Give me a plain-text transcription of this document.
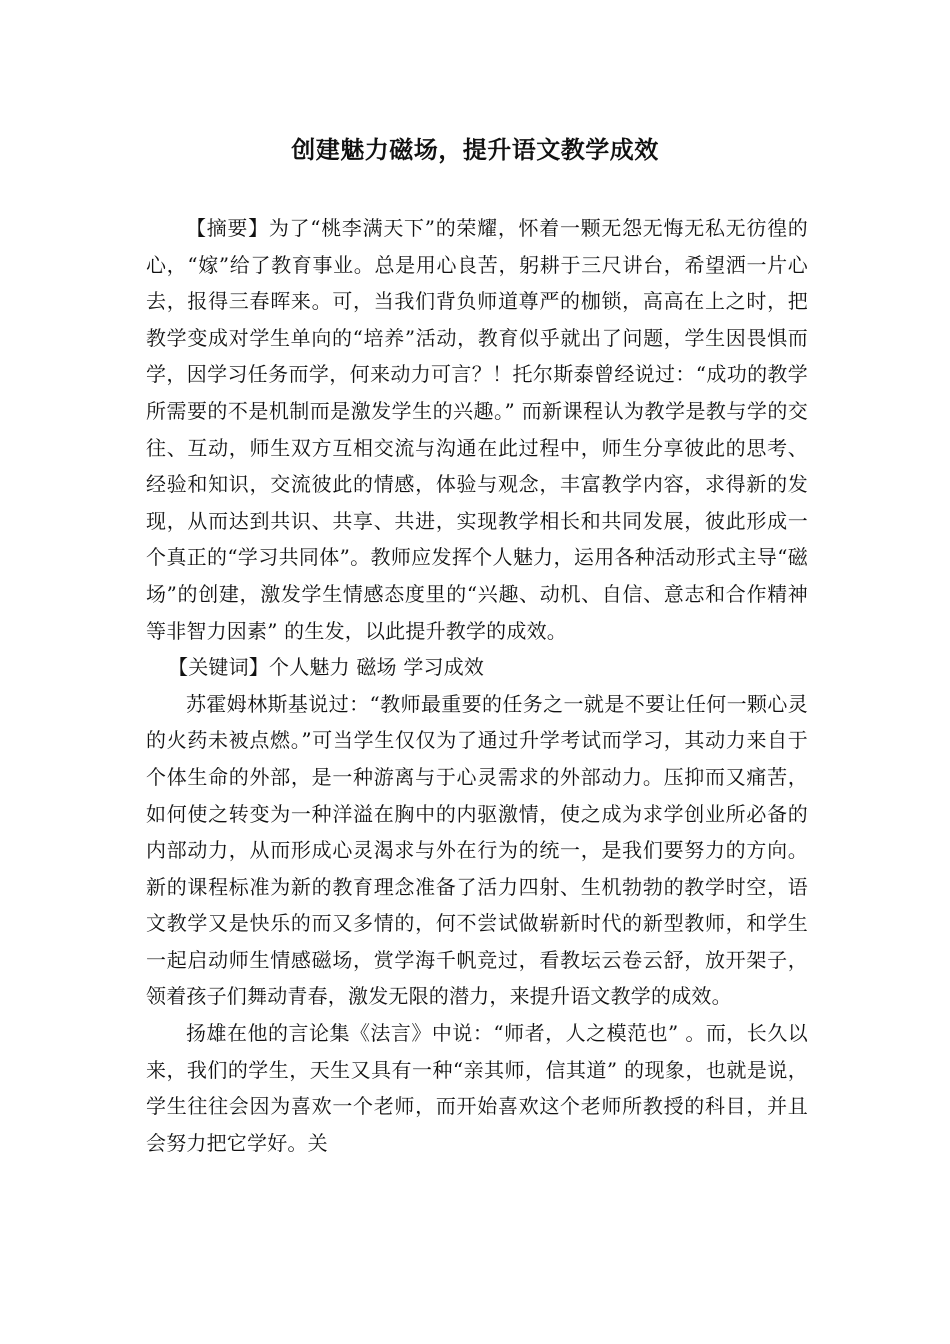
创建魅力磁场，提升语文教学成效

【摘要】为了“桃李满天下”的荣耀，怀着一颗无怨无悔无私无彷徨的心，“嫁”给了教育事业。总是用心良苦，躬耕于三尺讲台，希望洒一片心去，报得三春晖来。可，当我们背负师道尊严的枷锁，高高在上之时，把教学变成对学生单向的“培养”活动，教育似乎就出了问题，学生因畏惧而学，因学习任务而学，何来动力可言？！托尔斯泰曾经说过：“成功的教学所需要的不是机制而是激发学生的兴趣。” 而新课程认为教学是教与学的交往、互动，师生双方互相交流与沟通在此过程中，师生分享彼此的思考、经验和知识，交流彼此的情感，体验与观念，丰富教学内容，求得新的发现，从而达到共识、共享、共进，实现教学相长和共同发展，彼此形成一个真正的“学习共同体”。教师应发挥个人魅力，运用各种活动形式主导“磁场”的创建，激发学生情感态度里的“兴趣、动机、自信、意志和合作精神等非智力因素” 的生发，以此提升教学的成效。

【关键词】个人魅力 磁场 学习成效

苏霍姆林斯基说过：“教师最重要的任务之一就是不要让任何一颗心灵的火药未被点燃。”可当学生仅仅为了通过升学考试而学习，其动力来自于个体生命的外部，是一种游离与于心灵需求的外部动力。压抑而又痛苦，如何使之转变为一种洋溢在胸中的内驱激情，使之成为求学创业所必备的内部动力，从而形成心灵渴求与外在行为的统一，是我们要努力的方向。新的课程标准为新的教育理念准备了活力四射、生机勃勃的教学时空，语文教学又是快乐的而又多情的，何不尝试做崭新时代的新型教师，和学生一起启动师生情感磁场，赏学海千帆竞过，看教坛云卷云舒，放开架子，领着孩子们舞动青春，激发无限的潜力，来提升语文教学的成效。

扬雄在他的言论集《法言》中说：“师者，人之模范也” 。而，长久以来，我们的学生，天生又具有一种“亲其师，信其道” 的现象，也就是说，学生往往会因为喜欢一个老师，而开始喜欢这个老师所教授的科目，并且会努力把它学好。关
